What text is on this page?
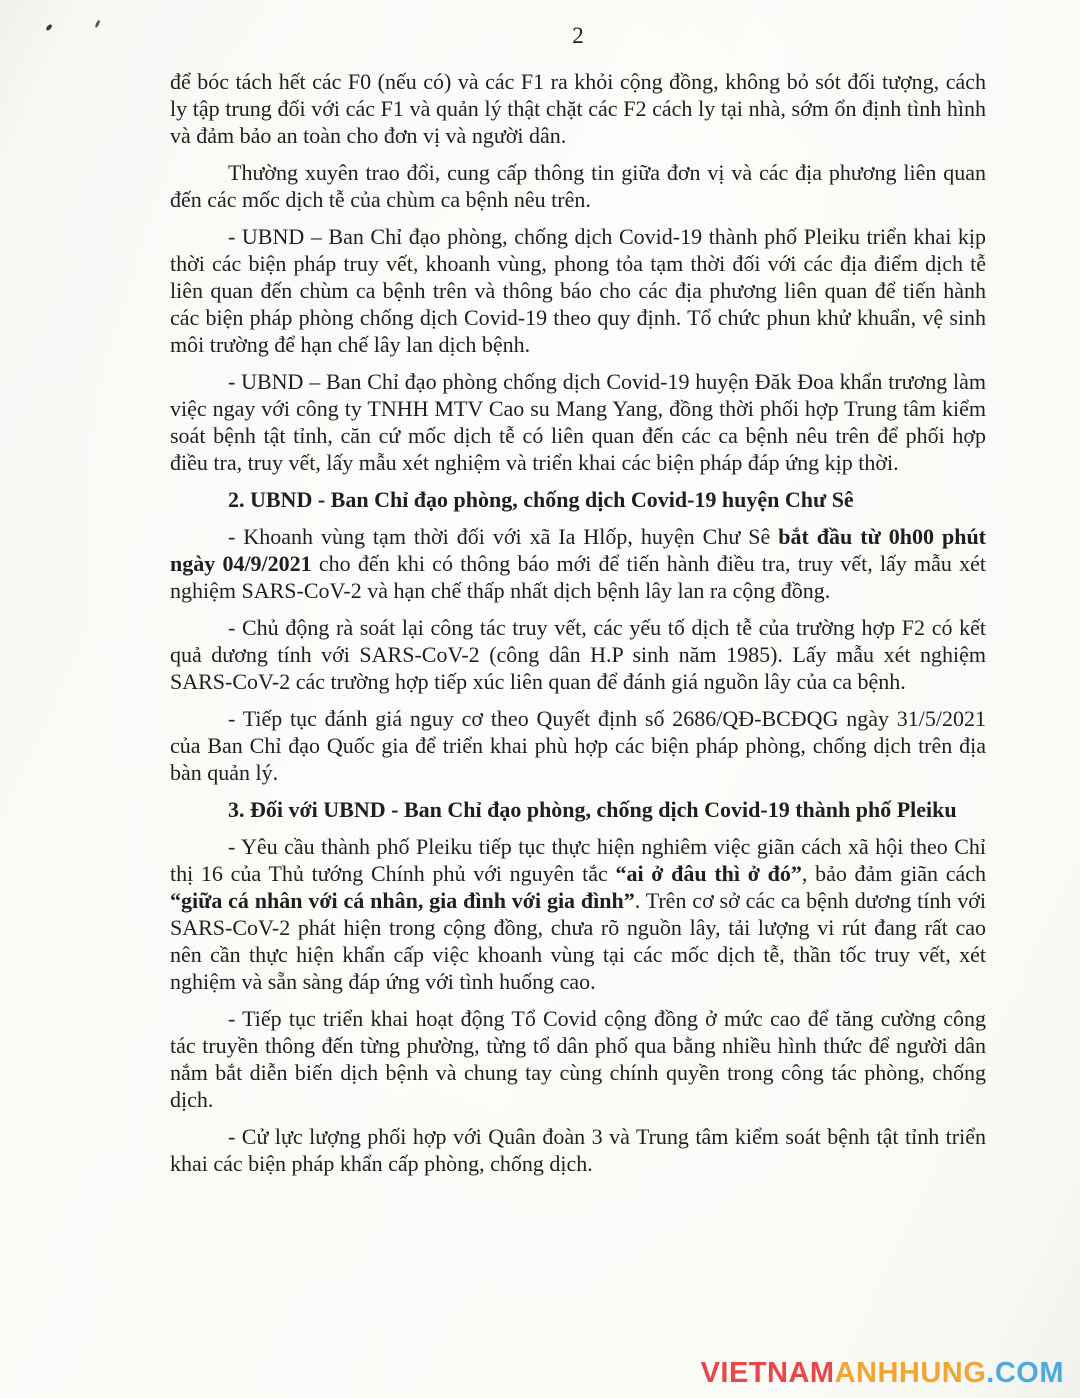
2

để bóc tách hết các F0 (nếu có) và các F1 ra khỏi cộng đồng, không bỏ sót đối tượng, cách ly tập trung đối với các F1 và quản lý thật chặt các F2 cách ly tại nhà, sớm ổn định tình hình và đảm bảo an toàn cho đơn vị và người dân.

Thường xuyên trao đổi, cung cấp thông tin giữa đơn vị và các địa phương liên quan đến các mốc dịch tễ của chùm ca bệnh nêu trên.

- UBND – Ban Chỉ đạo phòng, chống dịch Covid-19 thành phố Pleiku triển khai kịp thời các biện pháp truy vết, khoanh vùng, phong tỏa tạm thời đối với các địa điểm dịch tễ liên quan đến chùm ca bệnh trên và thông báo cho các địa phương liên quan để tiến hành các biện pháp phòng chống dịch Covid-19 theo quy định. Tổ chức phun khử khuẩn, vệ sinh môi trường để hạn chế lây lan dịch bệnh.

- UBND – Ban Chỉ đạo phòng chống dịch Covid-19 huyện Đăk Đoa khẩn trương làm việc ngay với công ty TNHH MTV Cao su Mang Yang, đồng thời phối hợp Trung tâm kiểm soát bệnh tật tỉnh, căn cứ mốc dịch tễ có liên quan đến các ca bệnh nêu trên để phối hợp điều tra, truy vết, lấy mẫu xét nghiệm và triển khai các biện pháp đáp ứng kịp thời.

2. UBND - Ban Chỉ đạo phòng, chống dịch Covid-19 huyện Chư Sê

- Khoanh vùng tạm thời đối với xã Ia Hlốp, huyện Chư Sê bắt đầu từ 0h00 phút ngày 04/9/2021 cho đến khi có thông báo mới để tiến hành điều tra, truy vết, lấy mẫu xét nghiệm SARS-CoV-2 và hạn chế thấp nhất dịch bệnh lây lan ra cộng đồng.

- Chủ động rà soát lại công tác truy vết, các yếu tố dịch tễ của trường hợp F2 có kết quả dương tính với SARS-CoV-2 (công dân H.P sinh năm 1985). Lấy mẫu xét nghiệm SARS-CoV-2 các trường hợp tiếp xúc liên quan để đánh giá nguồn lây của ca bệnh.

- Tiếp tục đánh giá nguy cơ theo Quyết định số 2686/QĐ-BCĐQG ngày 31/5/2021 của Ban Chỉ đạo Quốc gia để triển khai phù hợp các biện pháp phòng, chống dịch trên địa bàn quản lý.

3. Đối với UBND - Ban Chỉ đạo phòng, chống dịch Covid-19 thành phố Pleiku

- Yêu cầu thành phố Pleiku tiếp tục thực hiện nghiêm việc giãn cách xã hội theo Chỉ thị 16 của Thủ tướng Chính phủ với nguyên tắc “ai ở đâu thì ở đó”, bảo đảm giãn cách “giữa cá nhân với cá nhân, gia đình với gia đình”. Trên cơ sở các ca bệnh dương tính với SARS-CoV-2 phát hiện trong cộng đồng, chưa rõ nguồn lây, tải lượng vi rút đang rất cao nên cần thực hiện khẩn cấp việc khoanh vùng tại các mốc dịch tễ, thần tốc truy vết, xét nghiệm và sẵn sàng đáp ứng với tình huống cao.

- Tiếp tục triển khai hoạt động Tổ Covid cộng đồng ở mức cao để tăng cường công tác truyền thông đến từng phường, từng tổ dân phố qua bằng nhiều hình thức để người dân nắm bắt diễn biến dịch bệnh và chung tay cùng chính quyền trong công tác phòng, chống dịch.

- Cử lực lượng phối hợp với Quân đoàn 3 và Trung tâm kiểm soát bệnh tật tỉnh triển khai các biện pháp khẩn cấp phòng, chống dịch.

VIETNAMANHHUNG.COM
